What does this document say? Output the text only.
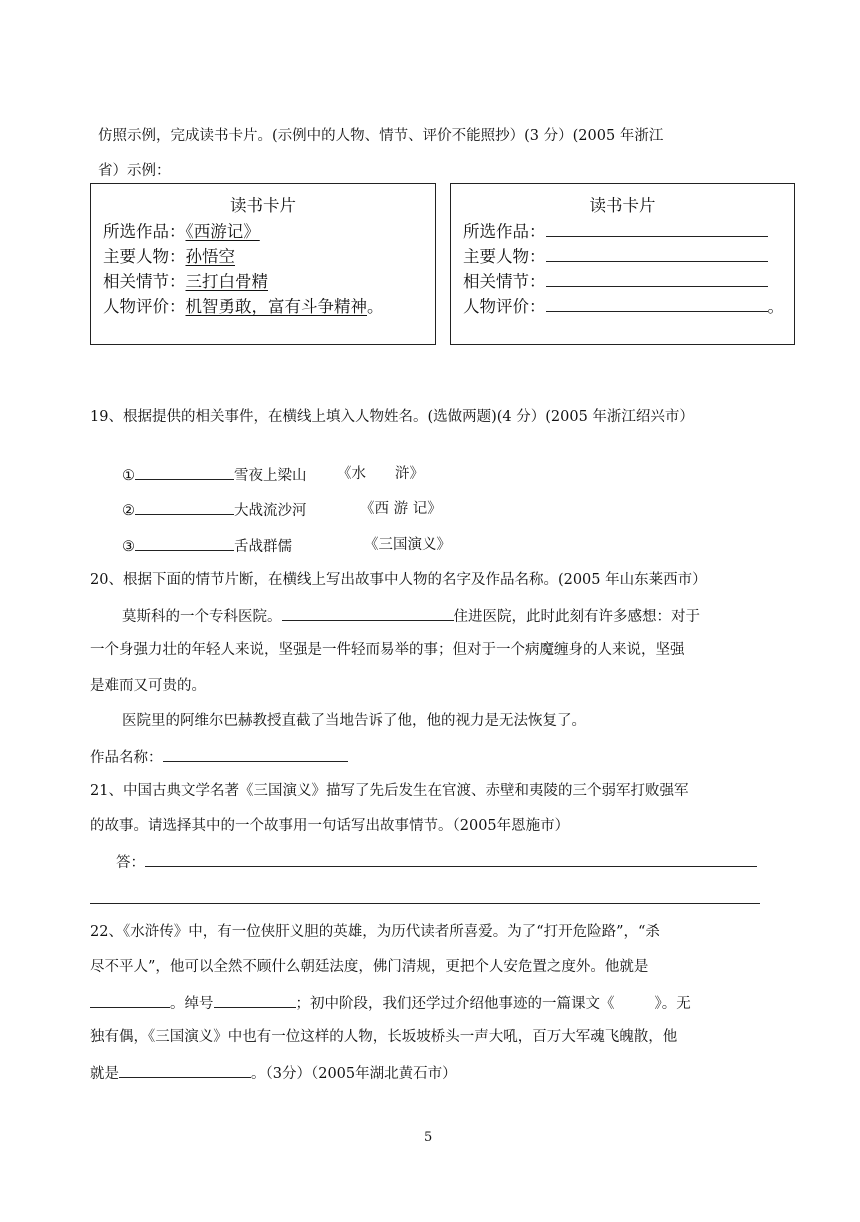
仿照示例，完成读书卡片。(示例中的人物、情节、评价不能照抄）(3 分）(2005 年浙江
省）示例：
读书卡片
所选作品：《西游记》
主要人物：孙悟空
相关情节：三打白骨精
人物评价：机智勇敢，富有斗争精神。
读书卡片
所选作品：
主要人物：
相关情节：
人物评价：	。
19、根据提供的相关事件，在横线上填入人物姓名。(选做两题)(4 分）(2005 年浙江绍兴市）
①	雪夜上梁山 《水　　浒》
②	大战流沙河	《西 游 记》
③	舌战群儒	《三国演义》
20、根据下面的情节片断，在横线上写出故事中人物的名字及作品名称。(2005 年山东莱西市）
莫斯科的一个专科医院。	住进医院，此时此刻有许多感想：对于
一个身强力壮的年轻人来说，坚强是一件轻而易举的事；但对于一个病魔缠身的人来说，坚强
是难而又可贵的。
医院里的阿维尔巴赫教授直截了当地告诉了他，他的视力是无法恢复了。
作品名称：
21、中国古典文学名著《三国演义》描写了先后发生在官渡、赤壁和夷陵的三个弱军打败强军
的故事。请选择其中的一个故事用一句话写出故事情节。（2005年恩施市）
答：
22、《水浒传》中，有一位侠肝义胆的英雄，为历代读者所喜爱。为了“打开危险路”，“杀
尽不平人”，他可以全然不顾什么朝廷法度，佛门清规，更把个人安危置之度外。他就是
。绰号	；初中阶段，我们还学过介绍他事迹的一篇课文《	》。无
独有偶，《三国演义》中也有一位这样的人物，长坂坡桥头一声大吼，百万大军魂飞魄散，他
就是	。（3分）（2005年湖北黄石市）
5
